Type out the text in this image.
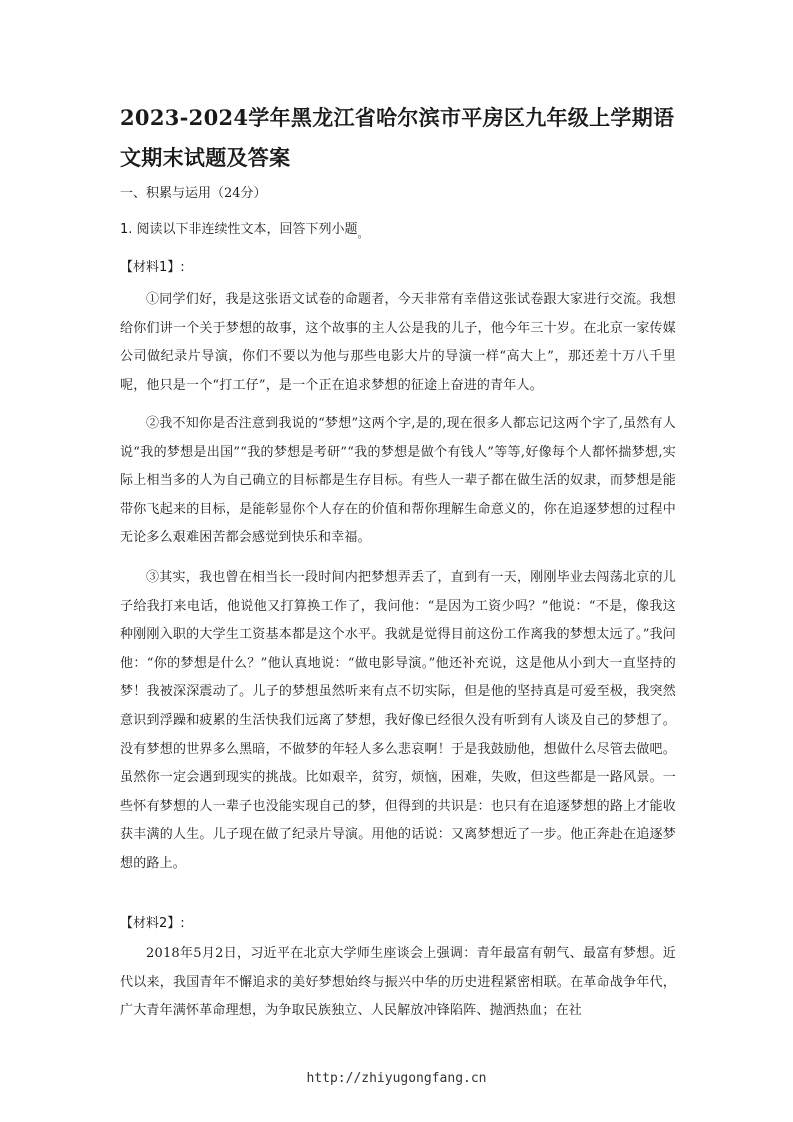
2023-2024学年黑龙江省哈尔滨市平房区九年级上学期语文期末试题及答案

一、积累与运用（24分）

1. 阅读以下非连续性文本，回答下列小题$_。$

【材料1】:

①同学们好，我是这张语文试卷的命题者，今天非常有幸借这张试卷跟大家进行交流。我想给你们讲一个关于梦想的故事，这个故事的主人公是我的儿子，他今年三十岁。在北京一家传媒公司做纪录片导演，你们不要以为他与那些电影大片的导演一样“高大上”，那还差十万八千里呢，他只是一个“打工仔”，是一个正在追求梦想的征途上奋进的青年人。

②我不知你是否注意到我说的“梦想”这两个字,是的,现在很多人都忘记这两个字了,虽然有人说“我的梦想是出国”“我的梦想是考研”“我的梦想是做个有钱人”等等,好像每个人都怀揣梦想,实际上相当多的人为自己确立的目标都是生存目标。有些人一辈子都在做生活的奴隶，而梦想是能带你飞起来的目标，是能彰显你个人存在的价值和帮你理解生命意义的，你在追逐梦想的过程中无论多么艰难困苦都会感觉到快乐和幸福。

③其实，我也曾在相当长一段时间内把梦想弄丢了，直到有一天，刚刚毕业去闯荡北京的儿子给我打来电话，他说他又打算换工作了，我问他：“是因为工资少吗？”他说：“不是，像我这种刚刚入职的大学生工资基本都是这个水平。我就是觉得目前这份工作离我的梦想太远了。”我问他：“你的梦想是什么？”他认真地说：“做电影导演。”他还补充说，这是他从小到大一直坚持的梦！我被深深震动了。儿子的梦想虽然听来有点不切实际，但是他的坚持真是可爱至极，我突然意识到浮躁和疲累的生活快我们远离了梦想，我好像已经很久没有听到有人谈及自己的梦想了。没有梦想的世界多么黑暗，不做梦的年轻人多么悲哀啊！于是我鼓励他，想做什么尽管去做吧。虽然你一定会遇到现实的挑战。比如艰辛，贫穷，烦恼，困难，失败，但这些都是一路风景。一些怀有梦想的人一辈子也没能实现自己的梦，但得到的共识是：也只有在追逐梦想的路上才能收获丰满的人生。儿子现在做了纪录片导演。用他的话说：又离梦想近了一步。他正奔赴在追逐梦想的路上。

【材料2】:

2018年5月2日，习近平在北京大学师生座谈会上强调：青年最富有朝气、最富有梦想。近代以来，我国青年不懈追求的美好梦想始终与振兴中华的历史进程紧密相联。在革命战争年代，广大青年满怀革命理想，为争取民族独立、人民解放冲锋陷阵、抛洒热血；在社

http://zhiyugongfang.cn
